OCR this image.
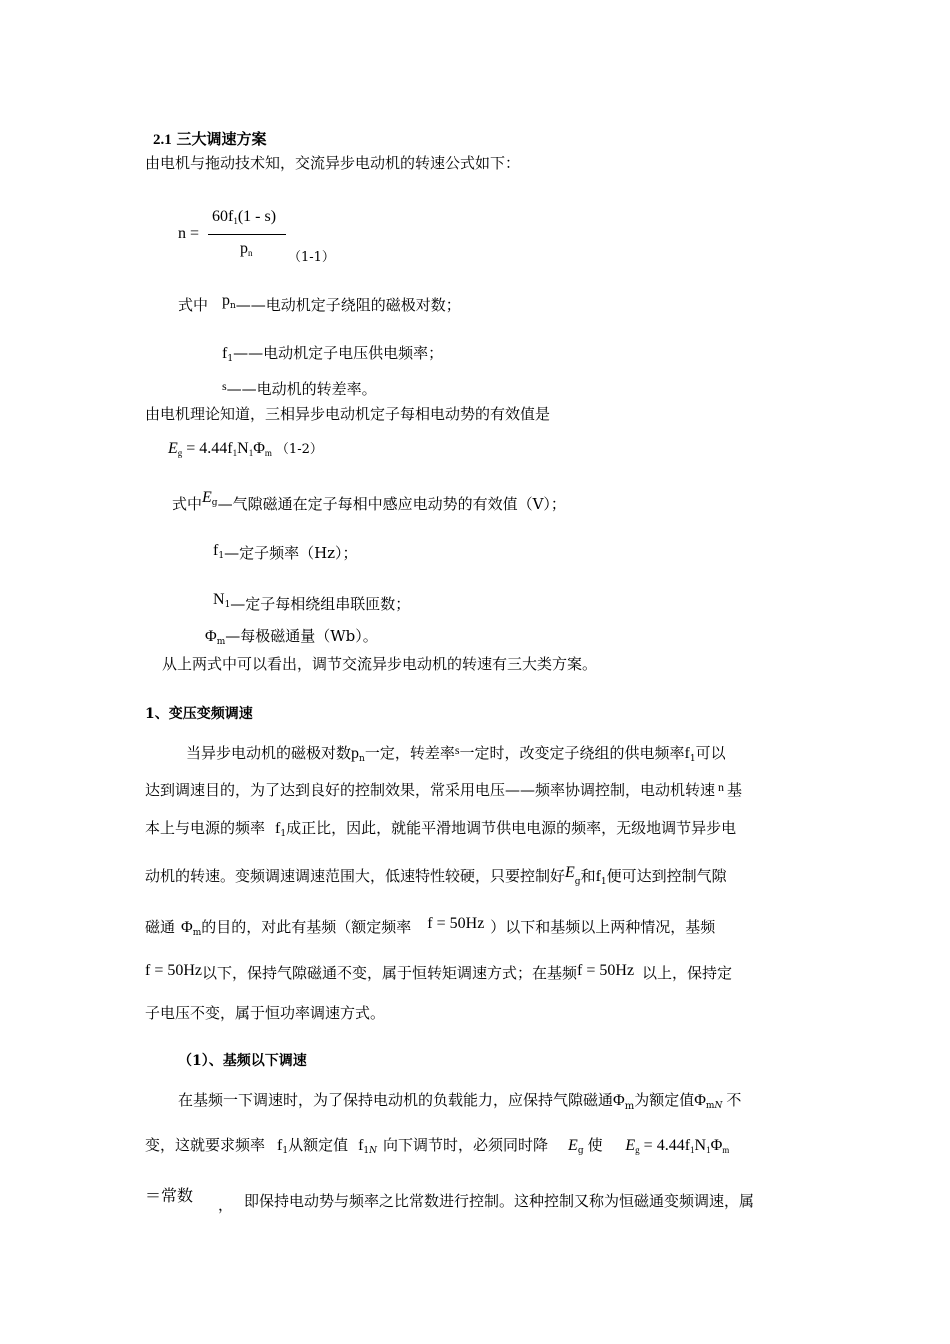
2.1 三大调速方案
由电机与拖动技术知，交流异步电动机的转速公式如下：
n =
$60f_1(1 - s)$
$p_n$	（1-1）
式中 $p_n——$电动机定子绕阻的磁极对数；
$f_1——$电动机定子电压供电频率；
s——电动机的转差率。
由电机理论知道，三相异步电动机定子每相电动势的有效值是
$E_g = 4.44f_1N_1\Phi_m$ （1-2）
式中$E_g—$气隙磁通在定子每相中感应电动势的有效值（V）；
$f_1—$定子频率（Hz）；
$N_1—$定子每相绕组串联匝数；
$\Phi_m—$每极磁通量（Wb）。
从上两式中可以看出，调节交流异步电动机的转速有三大类方案。
1、变压变频调速
当异步电动机的磁极对数$p_n$一定，转差率$^s$一定时，改变定子绕组的供电频率$f_1$可以
达到调速目的，为了达到良好的控制效果，常采用电压——频率协调控制，电动机转速 $^n$ 基
本上与电源的频率 $f_1$成正比，因此，就能平滑地调节供电电源的频率，无级地调节异步电
动机的转速。变频调速调速范围大，低速特性较硬，只要控制好$E_g$和$f_1$便可达到控制气隙
磁通 $\Phi_m$的目的，对此有基频（额定频率 f = 50Hz ）以下和基频以上两种情况，基频
f = 50Hz以下，保持气隙磁通不变，属于恒转矩调速方式；在基频f = 50Hz 以上，保持定
子电压不变，属于恒功率调速方式。
（1）、基频以下调速
在基频一下调速时，为了保持电动机的负载能力，应保持气隙磁通$\Phi_m$为额定值$\Phi_{mN}$ 不
变，这就要求频率 $f_1$从额定值 $f_{1N}$ 向下调节时，必须同时降 $E_g$ 使 $E_g = 4.44f_1N_1\Phi_m$
＝常数 ， 即保持电动势与频率之比常数进行控制。这种控制又称为恒磁通变频调速，属
